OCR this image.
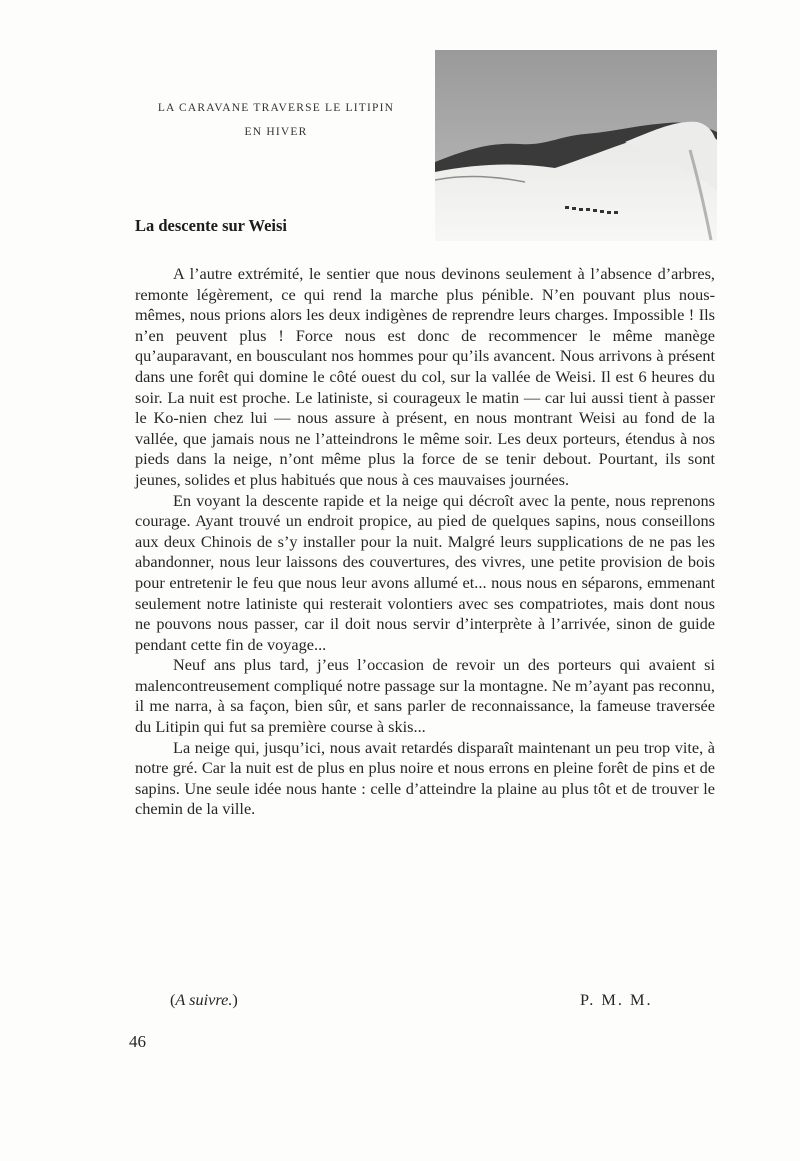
LA CARAVANE TRAVERSE LE LITIPIN
EN HIVER
La descente sur Weisi

A l’autre extrémité, le sentier que nous devinons seulement à l’absence d’arbres, remonte légèrement, ce qui rend la marche plus pénible. N’en pouvant plus nous-mêmes, nous prions alors les deux indigènes de reprendre leurs charges. Impossible ! Ils n’en peuvent plus ! Force nous est donc de recommencer le même manège qu’auparavant, en bousculant nos hommes pour qu’ils avancent. Nous arrivons à présent dans une forêt qui domine le côté ouest du col, sur la vallée de Weisi. Il est 6 heures du soir. La nuit est proche. Le latiniste, si courageux le matin — car lui aussi tient à passer le Ko-nien chez lui — nous assure à présent, en nous montrant Weisi au fond de la vallée, que jamais nous ne l’atteindrons le même soir. Les deux porteurs, étendus à nos pieds dans la neige, n’ont même plus la force de se tenir debout. Pourtant, ils sont jeunes, solides et plus habitués que nous à ces mauvaises journées.

En voyant la descente rapide et la neige qui décroît avec la pente, nous reprenons courage. Ayant trouvé un endroit propice, au pied de quelques sapins, nous conseillons aux deux Chinois de s’y installer pour la nuit. Malgré leurs supplications de ne pas les abandonner, nous leur laissons des couvertures, des vivres, une petite provision de bois pour entretenir le feu que nous leur avons allumé et... nous nous en séparons, emmenant seulement notre latiniste qui resterait volontiers avec ses compatriotes, mais dont nous ne pouvons nous passer, car il doit nous servir d’interprète à l’arrivée, sinon de guide pendant cette fin de voyage...

Neuf ans plus tard, j’eus l’occasion de revoir un des porteurs qui avaient si malencontreusement compliqué notre passage sur la montagne. Ne m’ayant pas reconnu, il me narra, à sa façon, bien sûr, et sans parler de reconnaissance, la fameuse traversée du Litipin qui fut sa première course à skis...

La neige qui, jusqu’ici, nous avait retardés disparaît maintenant un peu trop vite, à notre gré. Car la nuit est de plus en plus noire et nous errons en pleine forêt de pins et de sapins. Une seule idée nous hante : celle d’atteindre la plaine au plus tôt et de trouver le chemin de la ville.

(A suivre.)	P. M. M.
46
